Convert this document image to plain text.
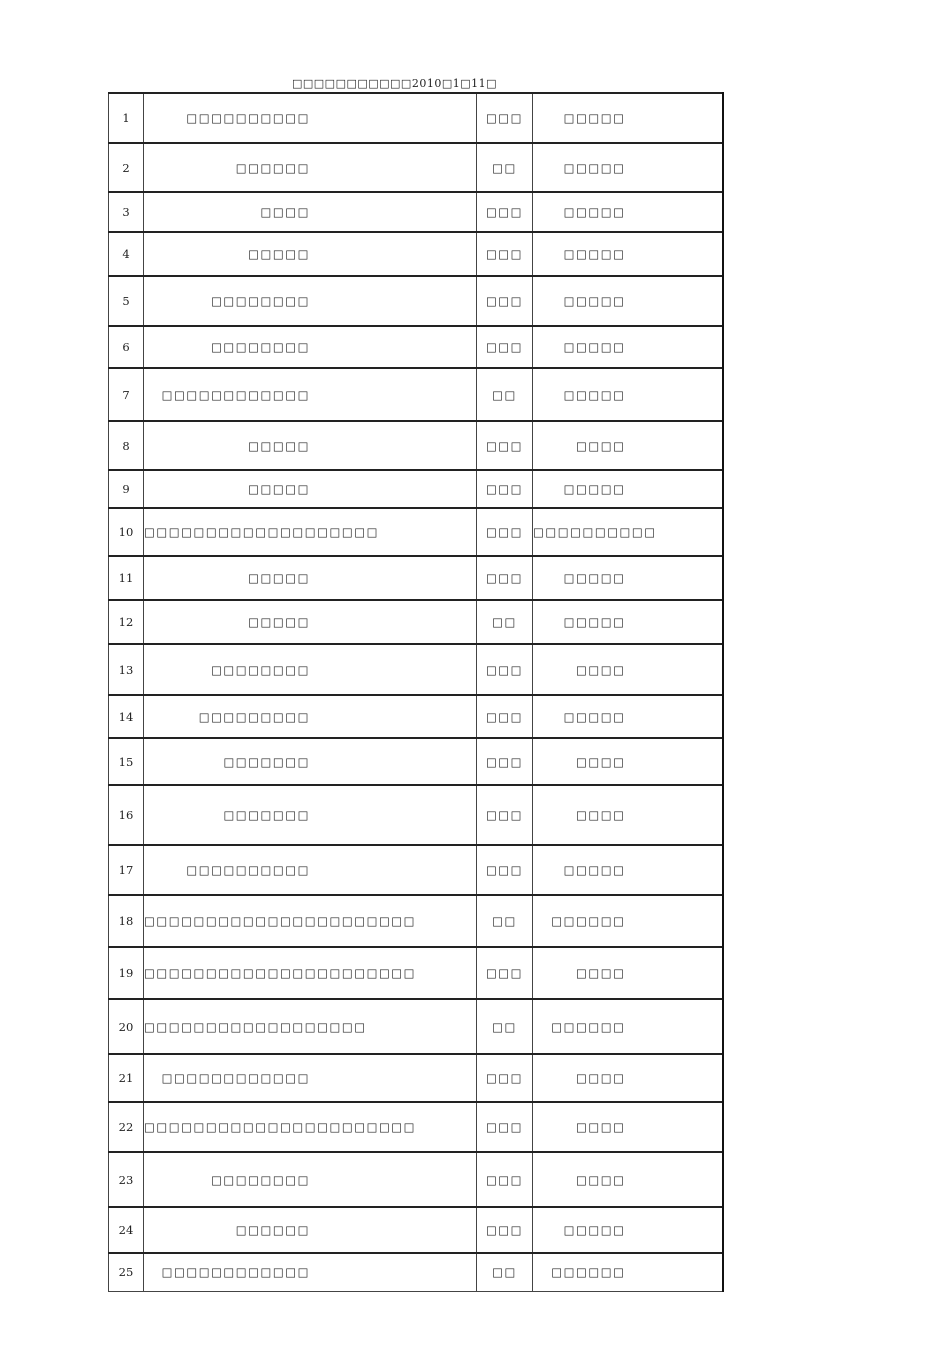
□□□□□□□□□□□2010□1□11□
1	□□□□□□□□□□	□□□	□□□□□
2	□□□□□□	□□	□□□□□
3	□□□□	□□□	□□□□□
4	□□□□□	□□□	□□□□□
5	□□□□□□□□	□□□	□□□□□
6	□□□□□□□□	□□□	□□□□□
7	□□□□□□□□□□□□	□□	□□□□□
8	□□□□□	□□□	□□□□
9	□□□□□	□□□	□□□□□
10	□□□□□□□□□□□□□□□□□□□	□□□	□□□□□□□□□□
11	□□□□□	□□□	□□□□□
12	□□□□□	□□	□□□□□
13	□□□□□□□□	□□□	□□□□
14	□□□□□□□□□	□□□	□□□□□
15	□□□□□□□	□□□	□□□□
16	□□□□□□□	□□□	□□□□
17	□□□□□□□□□□	□□□	□□□□□
18	□□□□□□□□□□□□□□□□□□□□□□	□□	□□□□□□
19	□□□□□□□□□□□□□□□□□□□□□□	□□□	□□□□
20	□□□□□□□□□□□□□□□□□□	□□	□□□□□□
21	□□□□□□□□□□□□	□□□	□□□□
22	□□□□□□□□□□□□□□□□□□□□□□	□□□	□□□□
23	□□□□□□□□	□□□	□□□□
24	□□□□□□	□□□	□□□□□
25	□□□□□□□□□□□□	□□	□□□□□□
